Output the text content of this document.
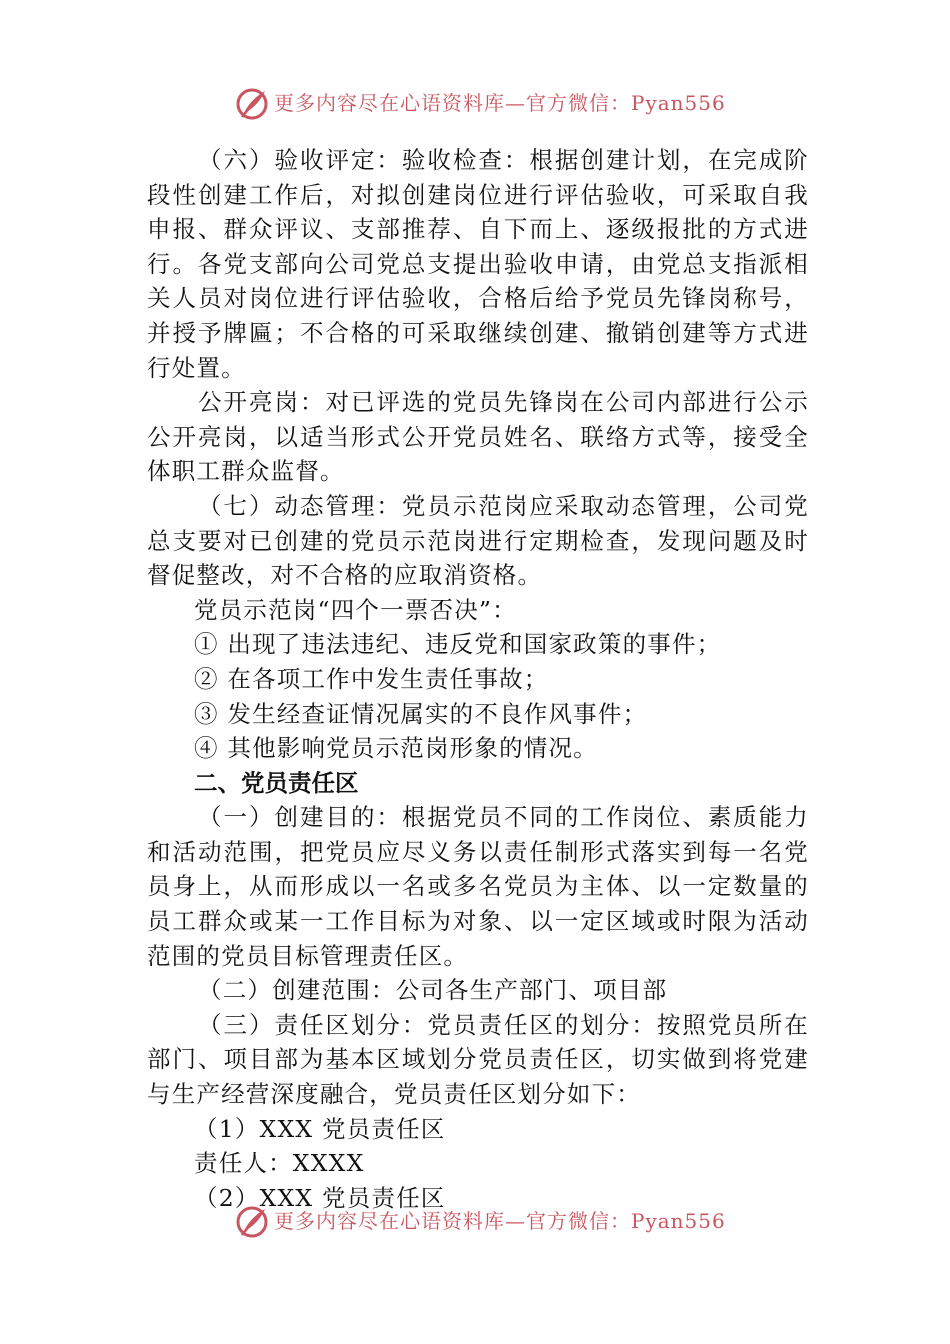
更多内容尽在心语资料库—官方微信：Pyan556

（六）验收评定：验收检查：根据创建计划，在完成阶段性创建工作后，对拟创建岗位进行评估验收，可采取自我申报、群众评议、支部推荐、自下而上、逐级报批的方式进行。各党支部向公司党总支提出验收申请，由党总支指派相关人员对岗位进行评估验收，合格后给予党员先锋岗称号，并授予牌匾；不合格的可采取继续创建、撤销创建等方式进行处置。

公开亮岗：对已评选的党员先锋岗在公司内部进行公示公开亮岗，以适当形式公开党员姓名、联络方式等，接受全体职工群众监督。

（七）动态管理：党员示范岗应采取动态管理，公司党总支要对已创建的党员示范岗进行定期检查，发现问题及时督促整改，对不合格的应取消资格。

党员示范岗“四个一票否决”：

① 出现了违法违纪、违反党和国家政策的事件；

② 在各项工作中发生责任事故；

③ 发生经查证情况属实的不良作风事件；

④ 其他影响党员示范岗形象的情况。

二、党员责任区

（一）创建目的：根据党员不同的工作岗位、素质能力和活动范围，把党员应尽义务以责任制形式落实到每一名党员身上，从而形成以一名或多名党员为主体、以一定数量的员工群众或某一工作目标为对象、以一定区域或时限为活动范围的党员目标管理责任区。

（二）创建范围：公司各生产部门、项目部

（三）责任区划分：党员责任区的划分：按照党员所在部门、项目部为基本区域划分党员责任区，切实做到将党建与生产经营深度融合，党员责任区划分如下：

（1）XXX 党员责任区

责任人：XXXX

（2）XXX 党员责任区

更多内容尽在心语资料库—官方微信：Pyan556
